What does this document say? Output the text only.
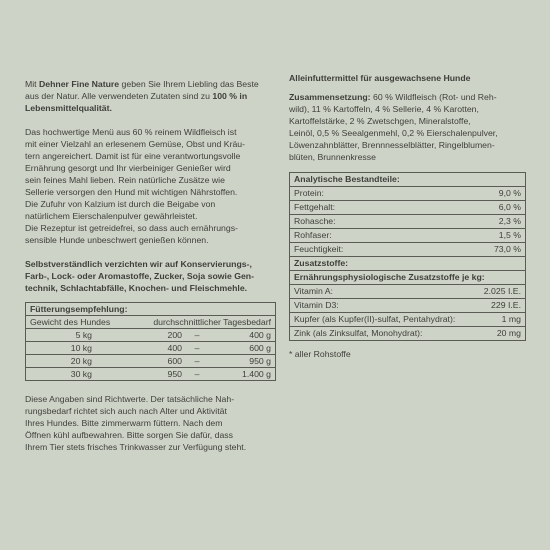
Mit Dehner Fine Nature geben Sie Ihrem Liebling das Beste aus der Natur. Alle verwendeten Zutaten sind zu 100 % in Lebensmittelqualität.

Das hochwertige Menü aus 60 % reinem Wildfleisch ist

mit einer Vielzahl an erlesenem Gemüse, Obst und Kräu-

tern angereichert. Damit ist für eine verantwortungsvolle

Ernährung gesorgt und Ihr vierbeiniger Genießer wird

sein feines Mahl lieben. Rein natürliche Zusätze wie

Sellerie versorgen den Hund mit wichtigen Nährstoffen.

Die Zufuhr von Kalzium ist durch die Beigabe von

natürlichem Eierschalenpulver gewährleistet.

Die Rezeptur ist getreidefrei, so dass auch ernährungs-

sensible Hunde unbeschwert genießen können.

Selbstverständlich verzichten wir auf Konservierungs-,

Farb-, Lock- oder Aromastoffe, Zucker, Soja sowie Gen-

technik, Schlachtabfälle, Knochen- und Fleischmehle.

Fütterungsempfehlung:			
Gewicht des Hundes	durchschnittlicher Tagesbedarf		
5 kg	200	–	400 g
10 kg	400	–	600 g
20 kg	600	–	950 g
30 kg	950	–	1.400 g

Diese Angaben sind Richtwerte. Der tatsächliche Nah-

rungsbedarf richtet sich auch nach Alter und Aktivität

Ihres Hundes. Bitte zimmerwarm füttern. Nach dem

Öffnen kühl aufbewahren. Bitte sorgen Sie dafür, dass

Ihrem Tier stets frisches Trinkwasser zur Verfügung steht.

Alleinfuttermittel für ausgewachsene Hunde

Zusammensetzung: 60 % Wildfleisch (Rot- und Reh-

wild), 11 % Kartoffeln, 4 % Sellerie, 4 % Karotten,

Kartoffelstärke, 2 % Zwetschgen, Mineralstoffe,

Leinöl, 0,5 % Seealgenmehl, 0,2 % Eierschalenpulver,

Löwenzahnblätter, Brennnesselblätter, Ringelblumen-

blüten, Brunnenkresse

Analytische Bestandteile:	
Protein:	9,0 %
Fettgehalt:	6,0 %
Rohasche:	2,3 %
Rohfaser:	1,5 %
Feuchtigkeit:	73,0 %
Zusatzstoffe:	
Ernährungsphysiologische Zusatzstoffe je kg:	
Vitamin A:	2.025 I.E.
Vitamin D3:	229 I.E.
Kupfer (als Kupfer(II)-sulfat, Pentahydrat):	1 mg
Zink (als Zinksulfat, Monohydrat):	20 mg

* aller Rohstoffe
